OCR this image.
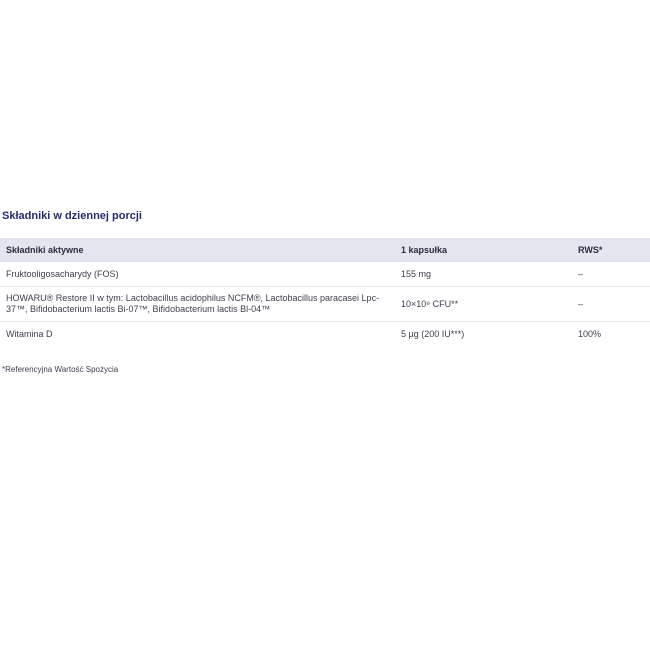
Składniki w dziennej porcji
Składniki aktywne	1 kapsułka	RWS*
Fruktooligosacharydy (FOS)	155 mg	–
HOWARU® Restore II w tym: Lactobacillus acidophilus NCFM®, Lactobacillus paracasei Lpc-37™, Bifidobacterium lactis Bi-07™, Bifidobacterium lactis Bl-04™	10×10⁹ CFU**	–
Witamina D	5 µg (200 IU***)	100%
*Referencyjna Wartość Spożycia
